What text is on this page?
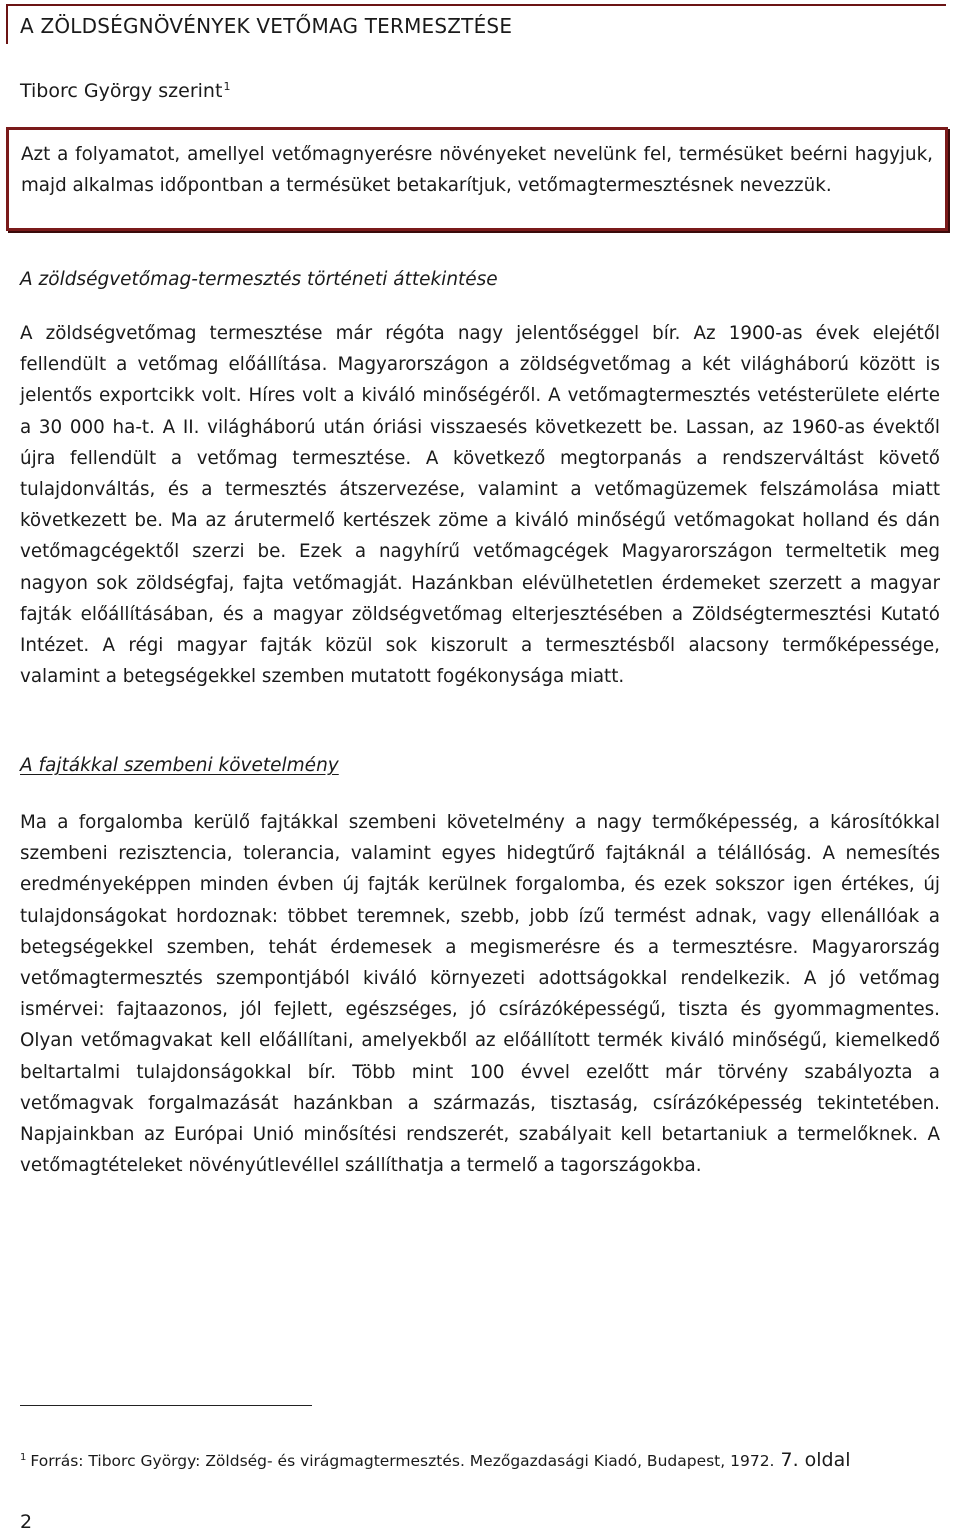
A ZÖLDSÉGNÖVÉNYEK VETŐMAG TERMESZTÉSE
Tiborc György szerint$^1$
Azt a folyamatot, amellyel vetőmagnyerésre növényeket nevelünk fel, termésüket beérni hagyjuk, majd alkalmas időpontban a termésüket betakarítjuk, vetőmagtermesztésnek nevezzük.
A zöldségvetőmag-termesztés történeti áttekintése
A zöldségvetőmag termesztése már régóta nagy jelentőséggel bír. Az 1900-as évek elejétől fellendült a vetőmag előállítása. Magyarországon a zöldségvetőmag a két világháború között is jelentős exportcikk volt. Híres volt a kiváló minőségéről. A vetőmagtermesztés vetésterülete elérte a 30 000 ha-t. A II. világháború után óriási visszaesés következett be. Lassan, az 1960-as évektől újra fellendült a vetőmag termesztése. A következő megtorpanás a rendszerváltást követő tulajdonváltás, és a termesztés átszervezése, valamint a vetőmagüzemek felszámolása miatt következett be. Ma az árutermelő kertészek zöme a kiváló minőségű vetőmagokat holland és dán vetőmagcégektől szerzi be. Ezek a nagyhírű vetőmagcégek Magyarországon termeltetik meg nagyon sok zöldségfaj, fajta vetőmagját. Hazánkban elévülhetetlen érdemeket szerzett a magyar fajták előállításában, és a magyar zöldségvetőmag elterjesztésében a Zöldségtermesztési Kutató Intézet. A régi magyar fajták közül sok kiszorult a termesztésből alacsony termőképessége, valamint a betegségekkel szemben mutatott fogékonysága miatt.
A fajtákkal szembeni követelmény
Ma a forgalomba kerülő fajtákkal szembeni követelmény a nagy termőképesség, a károsítókkal szembeni rezisztencia, tolerancia, valamint egyes hidegtűrő fajtáknál a télállóság. A nemesítés eredményeképpen minden évben új fajták kerülnek forgalomba, és ezek sokszor igen értékes, új tulajdonságokat hordoznak: többet teremnek, szebb, jobb ízű termést adnak, vagy ellenállóak a betegségekkel szemben, tehát érdemesek a megismerésre és a termesztésre. Magyarország vetőmagtermesztés szempontjából kiváló környezeti adottságokkal rendelkezik. A jó vetőmag ismérvei: fajtaazonos, jól fejlett, egészséges, jó csírázóképességű, tiszta és gyommagmentes. Olyan vetőmagvakat kell előállítani, amelyekből az előállított termék kiváló minőségű, kiemelkedő beltartalmi tulajdonságokkal bír. Több mint 100 évvel ezelőtt már törvény szabályozta a vetőmagvak forgalmazását hazánkban a származás, tisztaság, csírázóképesség tekintetében. Napjainkban az Európai Unió minősítési rendszerét, szabályait kell betartaniuk a termelőknek. A vetőmagtételeket növényútlevéllel szállíthatja a termelő a tagországokba.
$^1$ Forrás: Tiborc György: Zöldség- és virágmagtermesztés. Mezőgazdasági Kiadó, Budapest, 1972. 7. oldal
2
